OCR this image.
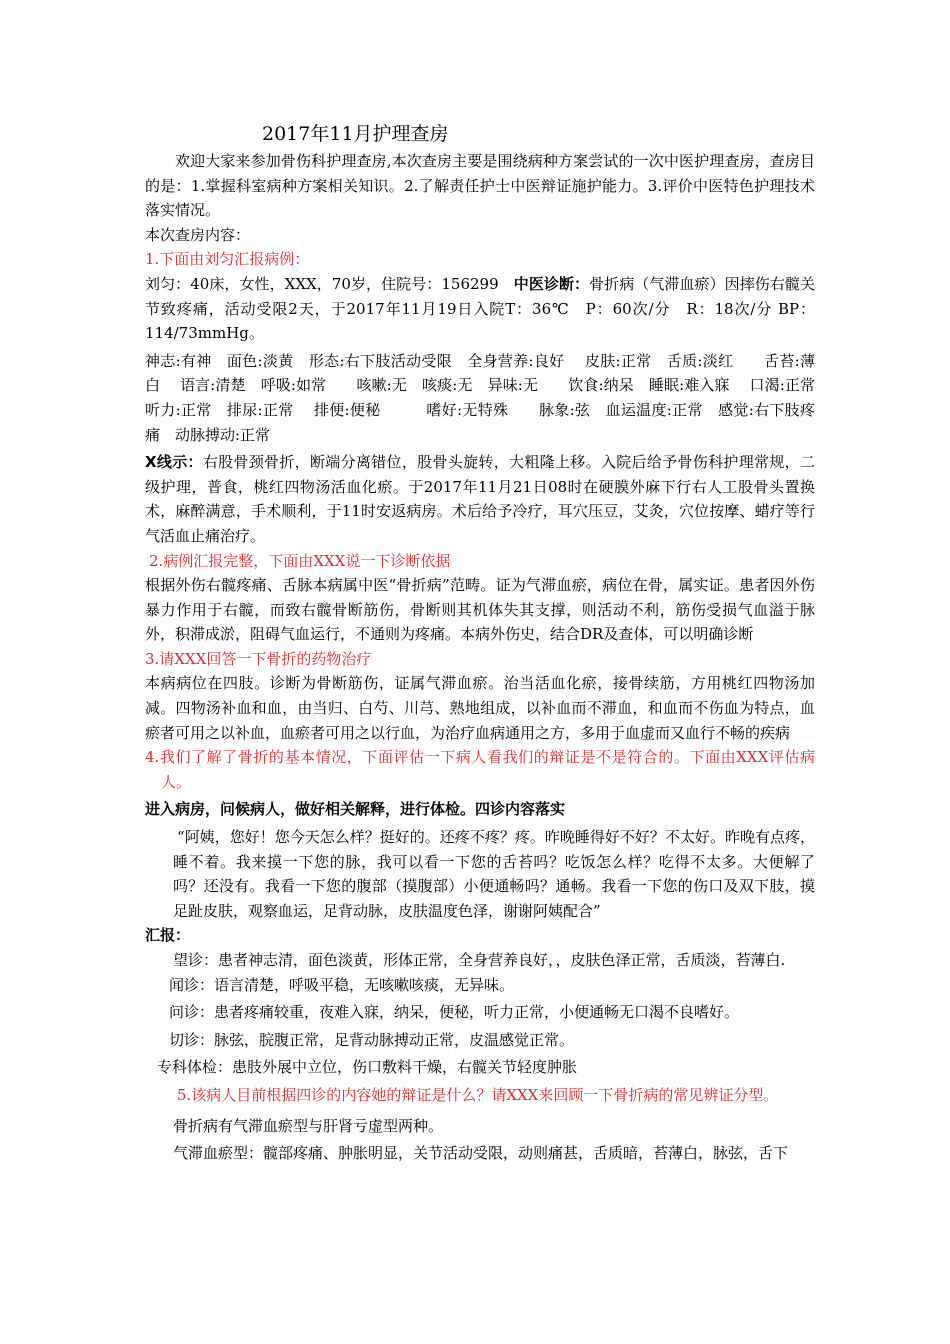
2017年11月护理查房

欢迎大家来参加骨伤科护理查房,本次查房主要是围绕病种方案尝试的一次中医护理查房，查房目的是：1.掌握科室病种方案相关知识。2.了解责任护士中医辩证施护能力。3.评价中医特色护理技术落实情况。

本次查房内容：

1.下面由刘匀汇报病例：

刘匀：40床，女性，XXX，70岁，住院号：156299　中医诊断：骨折病（气滞血瘀）因摔伤右髋关节致疼痛，活动受限2天，于2017年11月19日入院T：36℃　P：60次/分　R：18次/分 BP：114/73mmHg。

神志:有神　面色:淡黄　形态:右下肢活动受限　全身营养:良好　 皮肤:正常　舌质:淡红　　舌苔:薄白　 语言:清楚　呼吸:如常　　咳嗽:无　咳痰:无　异味:无　　饮食:纳呆　睡眠:难入寐　 口渴:正常　听力:正常　排尿:正常　 排便:便秘　　　嗜好:无特殊　　脉象:弦　血运温度:正常　感觉:右下肢疼痛　动脉搏动:正常

X线示：右股骨颈骨折，断端分离错位，股骨头旋转，大粗隆上移。入院后给予骨伤科护理常规，二级护理，普食，桃红四物汤活血化瘀。于2017年11月21日08时在硬膜外麻下行右人工股骨头置换术，麻醉满意，手术顺利，于11时安返病房。术后给予冷疗，耳穴压豆，艾灸，穴位按摩、蜡疗等行气活血止痛治疗。

2.病例汇报完整，下面由XXX说一下诊断依据

根据外伤右髋疼痛、舌脉本病属中医“骨折病”范畴。证为气滞血瘀，病位在骨，属实证。患者因外伤暴力作用于右髋，而致右髋骨断筋伤，骨断则其机体失其支撑，则活动不利，筋伤受损气血溢于脉外，积滞成淤，阻碍气血运行，不通则为疼痛。本病外伤史，结合DR及查体，可以明确诊断

3.请XXX回答一下骨折的药物治疗

本病病位在四肢。诊断为骨断筋伤，证属气滞血瘀。治当活血化瘀，接骨续筋，方用桃红四物汤加减。四物汤补血和血，由当归、白芍、川芎、熟地组成，以补血而不滞血，和血而不伤血为特点，血瘀者可用之以补血，血瘀者可用之以行血，为治疗血病通用之方，多用于血虚而又血行不畅的疾病

4.我们了解了骨折的基本情况，下面评估一下病人看我们的辩证是不是符合的。下面由XXX评估病人。

进入病房，问候病人，做好相关解释，进行体检。四诊内容落实

“阿姨，您好！您今天怎么样？挺好的。还疼不疼？疼。昨晚睡得好不好？不太好。昨晚有点疼，睡不着。我来摸一下您的脉，我可以看一下您的舌苔吗？吃饭怎么样？吃得不太多。大便解了吗？还没有。我看一下您的腹部（摸腹部）小便通畅吗？通畅。我看一下您的伤口及双下肢，摸足趾皮肤，观察血运，足背动脉，皮肤温度色泽，谢谢阿姨配合”

汇报：

望诊：患者神志清，面色淡黄，形体正常，全身营养良好，，皮肤色泽正常，舌质淡，苔薄白.

闻诊：语言清楚，呼吸平稳，无咳嗽咳痰，无异味。

问诊：患者疼痛较重，夜难入寐，纳呆，便秘，听力正常，小便通畅无口渴不良嗜好。

切诊：脉弦，脘腹正常，足背动脉搏动正常，皮温感觉正常。

专科体检：患肢外展中立位，伤口敷料干燥，右髋关节轻度肿胀

5.该病人目前根据四诊的内容她的辩证是什么？请XXX来回顾一下骨折病的常见辨证分型。

骨折病有气滞血瘀型与肝肾亏虚型两种。

气滞血瘀型：髋部疼痛、肿胀明显，关节活动受限，动则痛甚，舌质暗，苔薄白，脉弦，舌下
